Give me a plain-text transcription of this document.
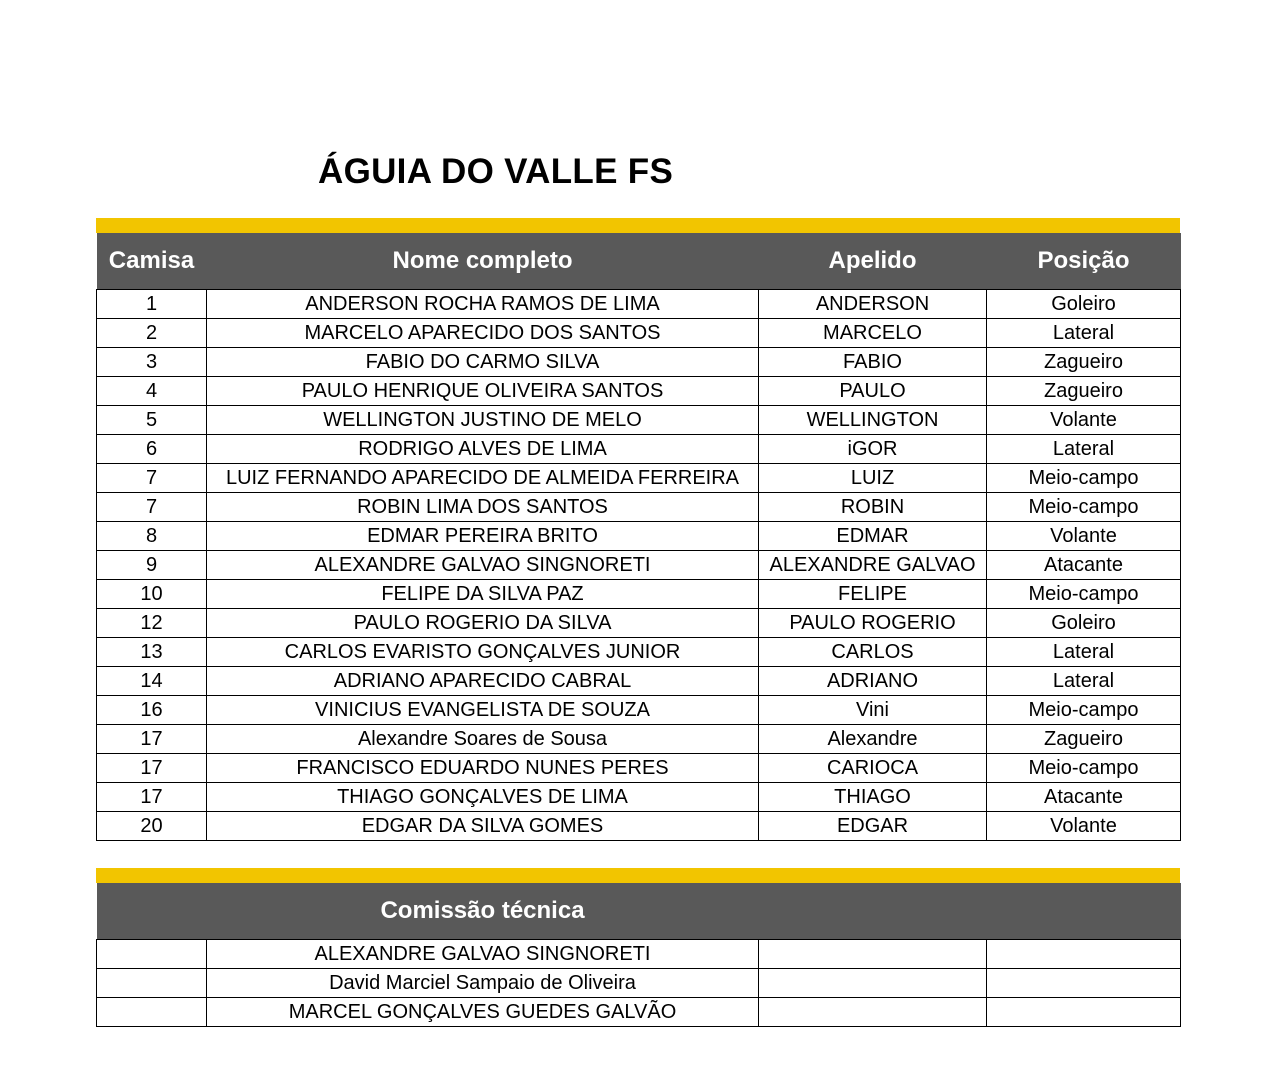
ÁGUIA DO VALLE FS
Camisa	Nome completo	Apelido	Posição
1	ANDERSON ROCHA RAMOS DE LIMA	ANDERSON	Goleiro
2	MARCELO APARECIDO DOS SANTOS	MARCELO	Lateral
3	FABIO DO CARMO SILVA	FABIO	Zagueiro
4	PAULO HENRIQUE OLIVEIRA SANTOS	PAULO	Zagueiro
5	WELLINGTON JUSTINO DE MELO	WELLINGTON	Volante
6	RODRIGO ALVES DE LIMA	iGOR	Lateral
7	LUIZ FERNANDO APARECIDO DE ALMEIDA FERREIRA	LUIZ	Meio-campo
7	ROBIN LIMA DOS SANTOS	ROBIN	Meio-campo
8	EDMAR PEREIRA BRITO	EDMAR	Volante
9	ALEXANDRE GALVAO SINGNORETI	ALEXANDRE GALVAO	Atacante
10	FELIPE DA SILVA PAZ	FELIPE	Meio-campo
12	PAULO ROGERIO DA SILVA	PAULO ROGERIO	Goleiro
13	CARLOS EVARISTO GONÇALVES JUNIOR	CARLOS	Lateral
14	ADRIANO APARECIDO CABRAL	ADRIANO	Lateral
16	VINICIUS EVANGELISTA DE SOUZA	Vini	Meio-campo
17	Alexandre Soares de Sousa	Alexandre	Zagueiro
17	FRANCISCO EDUARDO NUNES PERES	CARIOCA	Meio-campo
17	THIAGO GONÇALVES DE LIMA	THIAGO	Atacante
20	EDGAR DA SILVA GOMES	EDGAR	Volante
	Comissão técnica		
	ALEXANDRE GALVAO SINGNORETI		
	David Marciel Sampaio de Oliveira		
	MARCEL GONÇALVES GUEDES GALVÃO		
